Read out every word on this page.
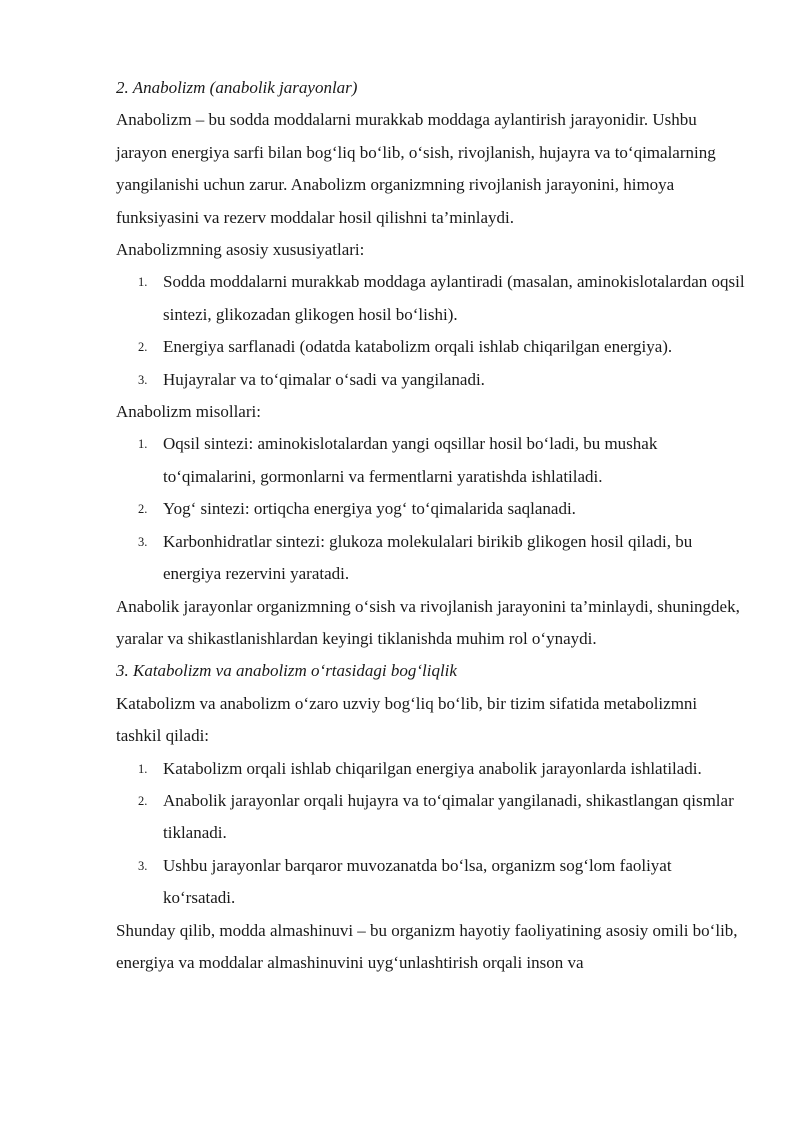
2. Anabolizm (anabolik jarayonlar)

Anabolizm – bu sodda moddalarni murakkab moddaga aylantirish jarayonidir. Ushbu jarayon energiya sarfi bilan bog‘liq bo‘lib, o‘sish, rivojlanish, hujayra va to‘qimalarning yangilanishi uchun zarur. Anabolizm organizmning rivojlanish jarayonini, himoya funksiyasini va rezerv moddalar hosil qilishni ta’minlaydi.

Anabolizmning asosiy xususiyatlari:

1. Sodda moddalarni murakkab moddaga aylantiradi (masalan, aminokislotalardan oqsil sintezi, glikozadan glikogen hosil bo‘lishi).
2. Energiya sarflanadi (odatda katabolizm orqali ishlab chiqarilgan energiya).
3. Hujayralar va to‘qimalar o‘sadi va yangilanadi.

Anabolizm misollari:

1. Oqsil sintezi: aminokislotalardan yangi oqsillar hosil bo‘ladi, bu mushak to‘qimalarini, gormonlarni va fermentlarni yaratishda ishlatiladi.
2. Yog‘ sintezi: ortiqcha energiya yog‘ to‘qimalarida saqlanadi.
3. Karbonhidratlar sintezi: glukoza molekulalari birikib glikogen hosil qiladi, bu energiya rezervini yaratadi.

Anabolik jarayonlar organizmning o‘sish va rivojlanish jarayonini ta’minlaydi, shuningdek, yaralar va shikastlanishlardan keyingi tiklanishda muhim rol o‘ynaydi.

3. Katabolizm va anabolizm o‘rtasidagi bog‘liqlik

Katabolizm va anabolizm o‘zaro uzviy bog‘liq bo‘lib, bir tizim sifatida metabolizmni tashkil qiladi:

1. Katabolizm orqali ishlab chiqarilgan energiya anabolik jarayonlarda ishlatiladi.
2. Anabolik jarayonlar orqali hujayra va to‘qimalar yangilanadi, shikastlangan qismlar tiklanadi.
3. Ushbu jarayonlar barqaror muvozanatda bo‘lsa, organizm sog‘lom faoliyat ko‘rsatadi.

Shunday qilib, modda almashinuvi – bu organizm hayotiy faoliyatining asosiy omili bo‘lib, energiya va moddalar almashinuvini uyg‘unlashtirish orqali inson va
